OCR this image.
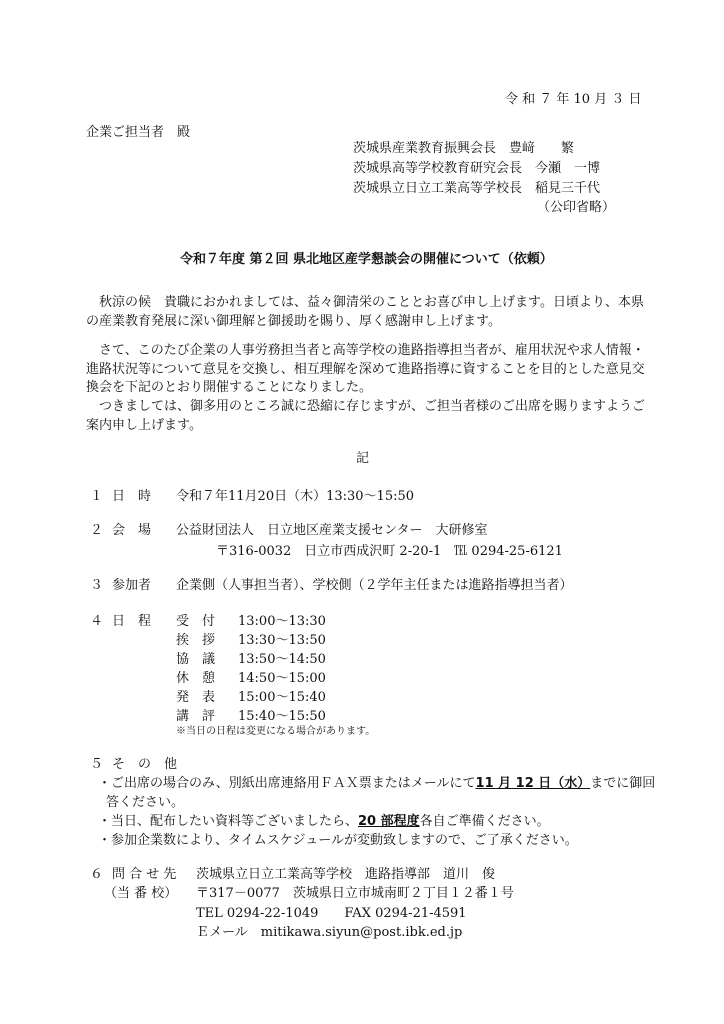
令 和 ７ 年 10 月 ３ 日
企業ご担当者　殿
茨城県産業教育振興会長　豊﨑　　繁
茨城県高等学校教育研究会長　今瀬　一博
茨城県立日立工業高等学校長　稲見三千代
（公印省略）
令和７年度 第２回 県北地区産学懇談会の開催について（依頼）
秋涼の候　貴職におかれましては、益々御清栄のこととお喜び申し上げます。日頃より、本県の産業教育発展に深い御理解と御援助を賜り、厚く感謝申し上げます。
さて、このたび企業の人事労務担当者と高等学校の進路指導担当者が、雇用状況や求人情報・進路状況等について意見を交換し、相互理解を深めて進路指導に資することを目的とした意見交換会を下記のとおり開催することになりました。
つきましては、御多用のところ誠に恐縮に存じますが、ご担当者様のご出席を賜りますようご案内申し上げます。
記
１ 日　時 令和７年11月20日（木）13:30～15:50
２ 会　場 公益財団法人　日立地区産業支援センター　大研修室
〒316-0032　日立市西成沢町 2-20-1　℡ 0294-25-6121
３ 参加者 企業側（人事担当者）、学校側（２学年主任または進路指導担当者）
４ 日　程 受　付 13:00～13:30
挨　拶 13:30～13:50
協　議 13:50～14:50
休　憩 14:50～15:00
発　表 15:00～15:40
講　評 15:40～15:50
※当日の日程は変更になる場合があります。
５ そ　の　他
・ご出席の場合のみ、別紙出席連絡用ＦＡＸ票またはメールにて11 月 12 日（水）までに御回
答ください。
・当日、配布したい資料等ございましたら、20 部程度各自ご準備ください。
・参加企業数により、タイムスケジュールが変動致しますので、ご了承ください。
６ 問 合 せ 先 茨城県立日立工業高等学校　進路指導部　道川　俊
（当 番 校） 〒317－0077　茨城県日立市城南町２丁目１２番１号
TEL 0294-22-1049　　FAX 0294-21-4591
Ｅメール　mitikawa.siyun@post.ibk.ed.jp
